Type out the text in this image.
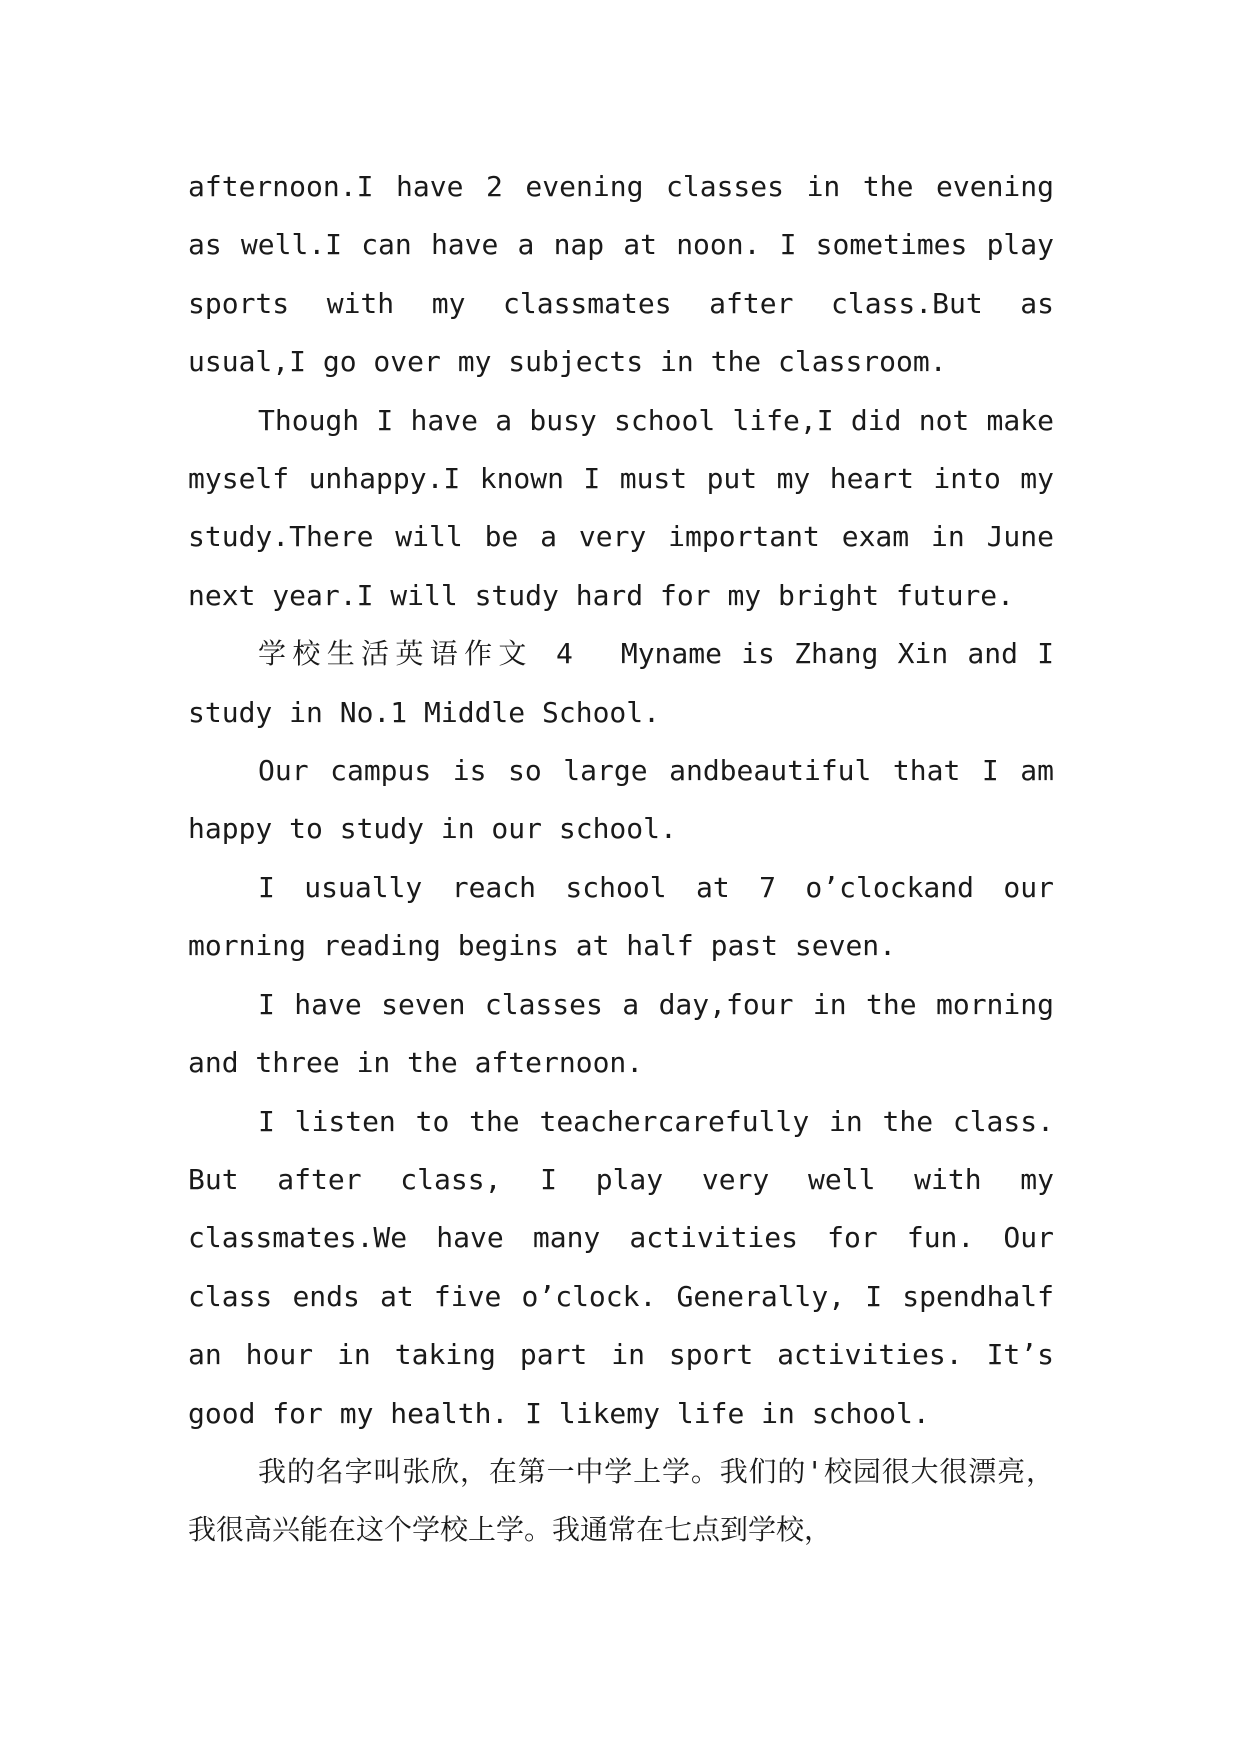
afternoon.I have 2 evening classes in the evening as well.I can have a nap at noon. I sometimes play sports with my classmates after class.But as usual,I go over my subjects in the classroom.

Though I have a busy school life,I did not make myself unhappy.I known I must put my heart into my study.There will be a very important exam in June next year.I will study hard for my bright future.

学校生活英语作文 4 Myname is Zhang Xin and I study in No.1 Middle School.

Our campus is so large andbeautiful that I am happy to study in our school.

I usually reach school at 7 o’clockand our morning reading begins at half past seven.

I have seven classes a day,four in the morning and three in the afternoon.

I listen to the teachercarefully in the class. But after class, I play very well with my classmates.We have many activities for fun. Our class ends at five o’clock. Generally, I spendhalf an hour in taking part in sport activities. It’s good for my health. I likemy life in school.

我的名字叫张欣，在第一中学上学。我们的'校园很大很漂亮，我很高兴能在这个学校上学。我通常在七点到学校，
